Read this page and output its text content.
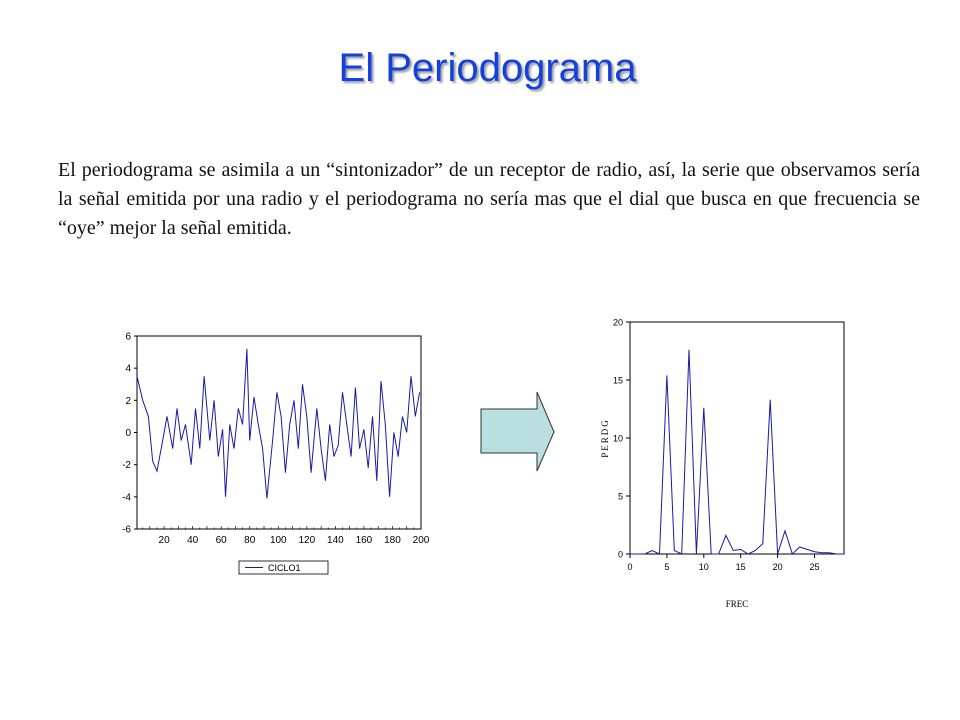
El Periodograma

El periodograma se asimila a un “sintonizador” de un receptor de radio, así, la serie que observamos sería la señal emitida por una radio y el periodograma no sería mas que el dial que busca en que frecuencia se “oye” mejor la señal emitida.

6
4
2
0
-2
-4
-6
20 40 60 80 100 120 140 160 180 200
CICLO1
20
15
10
5
0
0	5	10	15	20	25
PERDG
FREC
